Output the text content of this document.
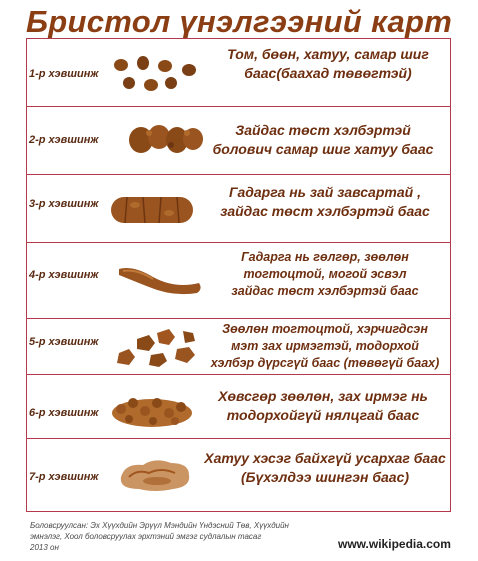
Бристол үнэлгээний карт
1-р хэвшинж
Том, бөөн, хатуу, самар шиг
баас(баахад төвөгтэй)
2-р хэвшинж
Зайдас төст хэлбэртэй
болович самар шиг хатуу баас
3-р хэвшинж
Гадарга нь зай завсартай ,
зайдас төст хэлбэртэй баас
4-р хэвшинж
Гадарга нь гөлгөр, зөөлөн
тогтоцтой, могой эсвэл
зайдас төст хэлбэртэй баас
5-р хэвшинж
Зөөлөн тогтоцтой, хэрчигдсэн
мэт зах ирмэгтэй, тодорхой
хэлбэр дүрсгүй баас (төвөгүй баах)
6-р хэвшинж
Хөвсгөр зөөлөн, зах ирмэг нь
тодорхойгүй нялцгай баас
7-р хэвшинж
Хатуу хэсэг байхгүй усархаг баас
(Бүхэлдээ шингэн баас)
Боловсруулсан: Эх Хүүхдийн Эрүүл Мэндийн Үндэсний Төв, Хүүхдийн
эмнэлэг, Хоол боловсруулах эрхтэний эмгэг судлалын тасаг
2013 он	www.wikipedia.com
